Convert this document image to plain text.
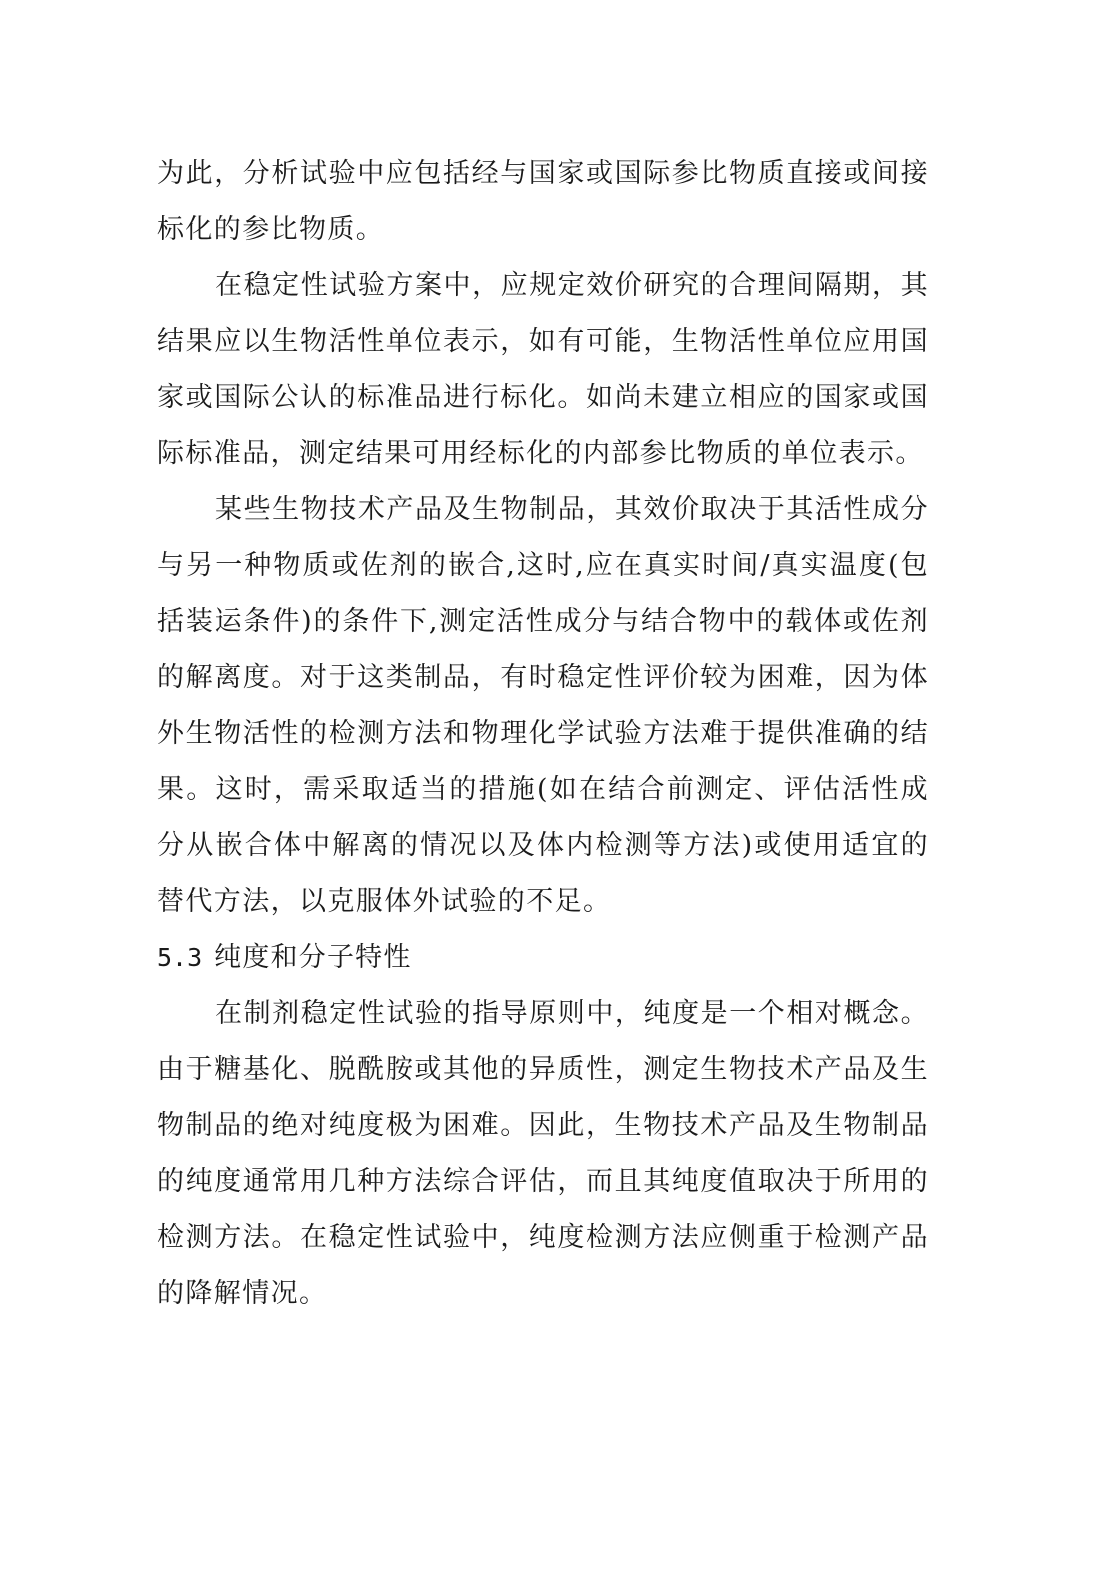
为此，分析试验中应包括经与国家或国际参比物质直接或间接标化的参比物质。

在稳定性试验方案中，应规定效价研究的合理间隔期，其结果应以生物活性单位表示，如有可能，生物活性单位应用国家或国际公认的标准品进行标化。如尚未建立相应的国家或国际标准品，测定结果可用经标化的内部参比物质的单位表示。

某些生物技术产品及生物制品，其效价取决于其活性成分与另一种物质或佐剂的嵌合,这时,应在真实时间/真实温度(包括装运条件)的条件下,测定活性成分与结合物中的载体或佐剂的解离度。对于这类制品，有时稳定性评价较为困难，因为体外生物活性的检测方法和物理化学试验方法难于提供准确的结果。这时，需采取适当的措施(如在结合前测定、评估活性成分从嵌合体中解离的情况以及体内检测等方法)或使用适宜的替代方法，以克服体外试验的不足。

5.3 纯度和分子特性

在制剂稳定性试验的指导原则中，纯度是一个相对概念。由于糖基化、脱酰胺或其他的异质性，测定生物技术产品及生物制品的绝对纯度极为困难。因此，生物技术产品及生物制品的纯度通常用几种方法综合评估，而且其纯度值取决于所用的检测方法。在稳定性试验中，纯度检测方法应侧重于检测产品的降解情况。
